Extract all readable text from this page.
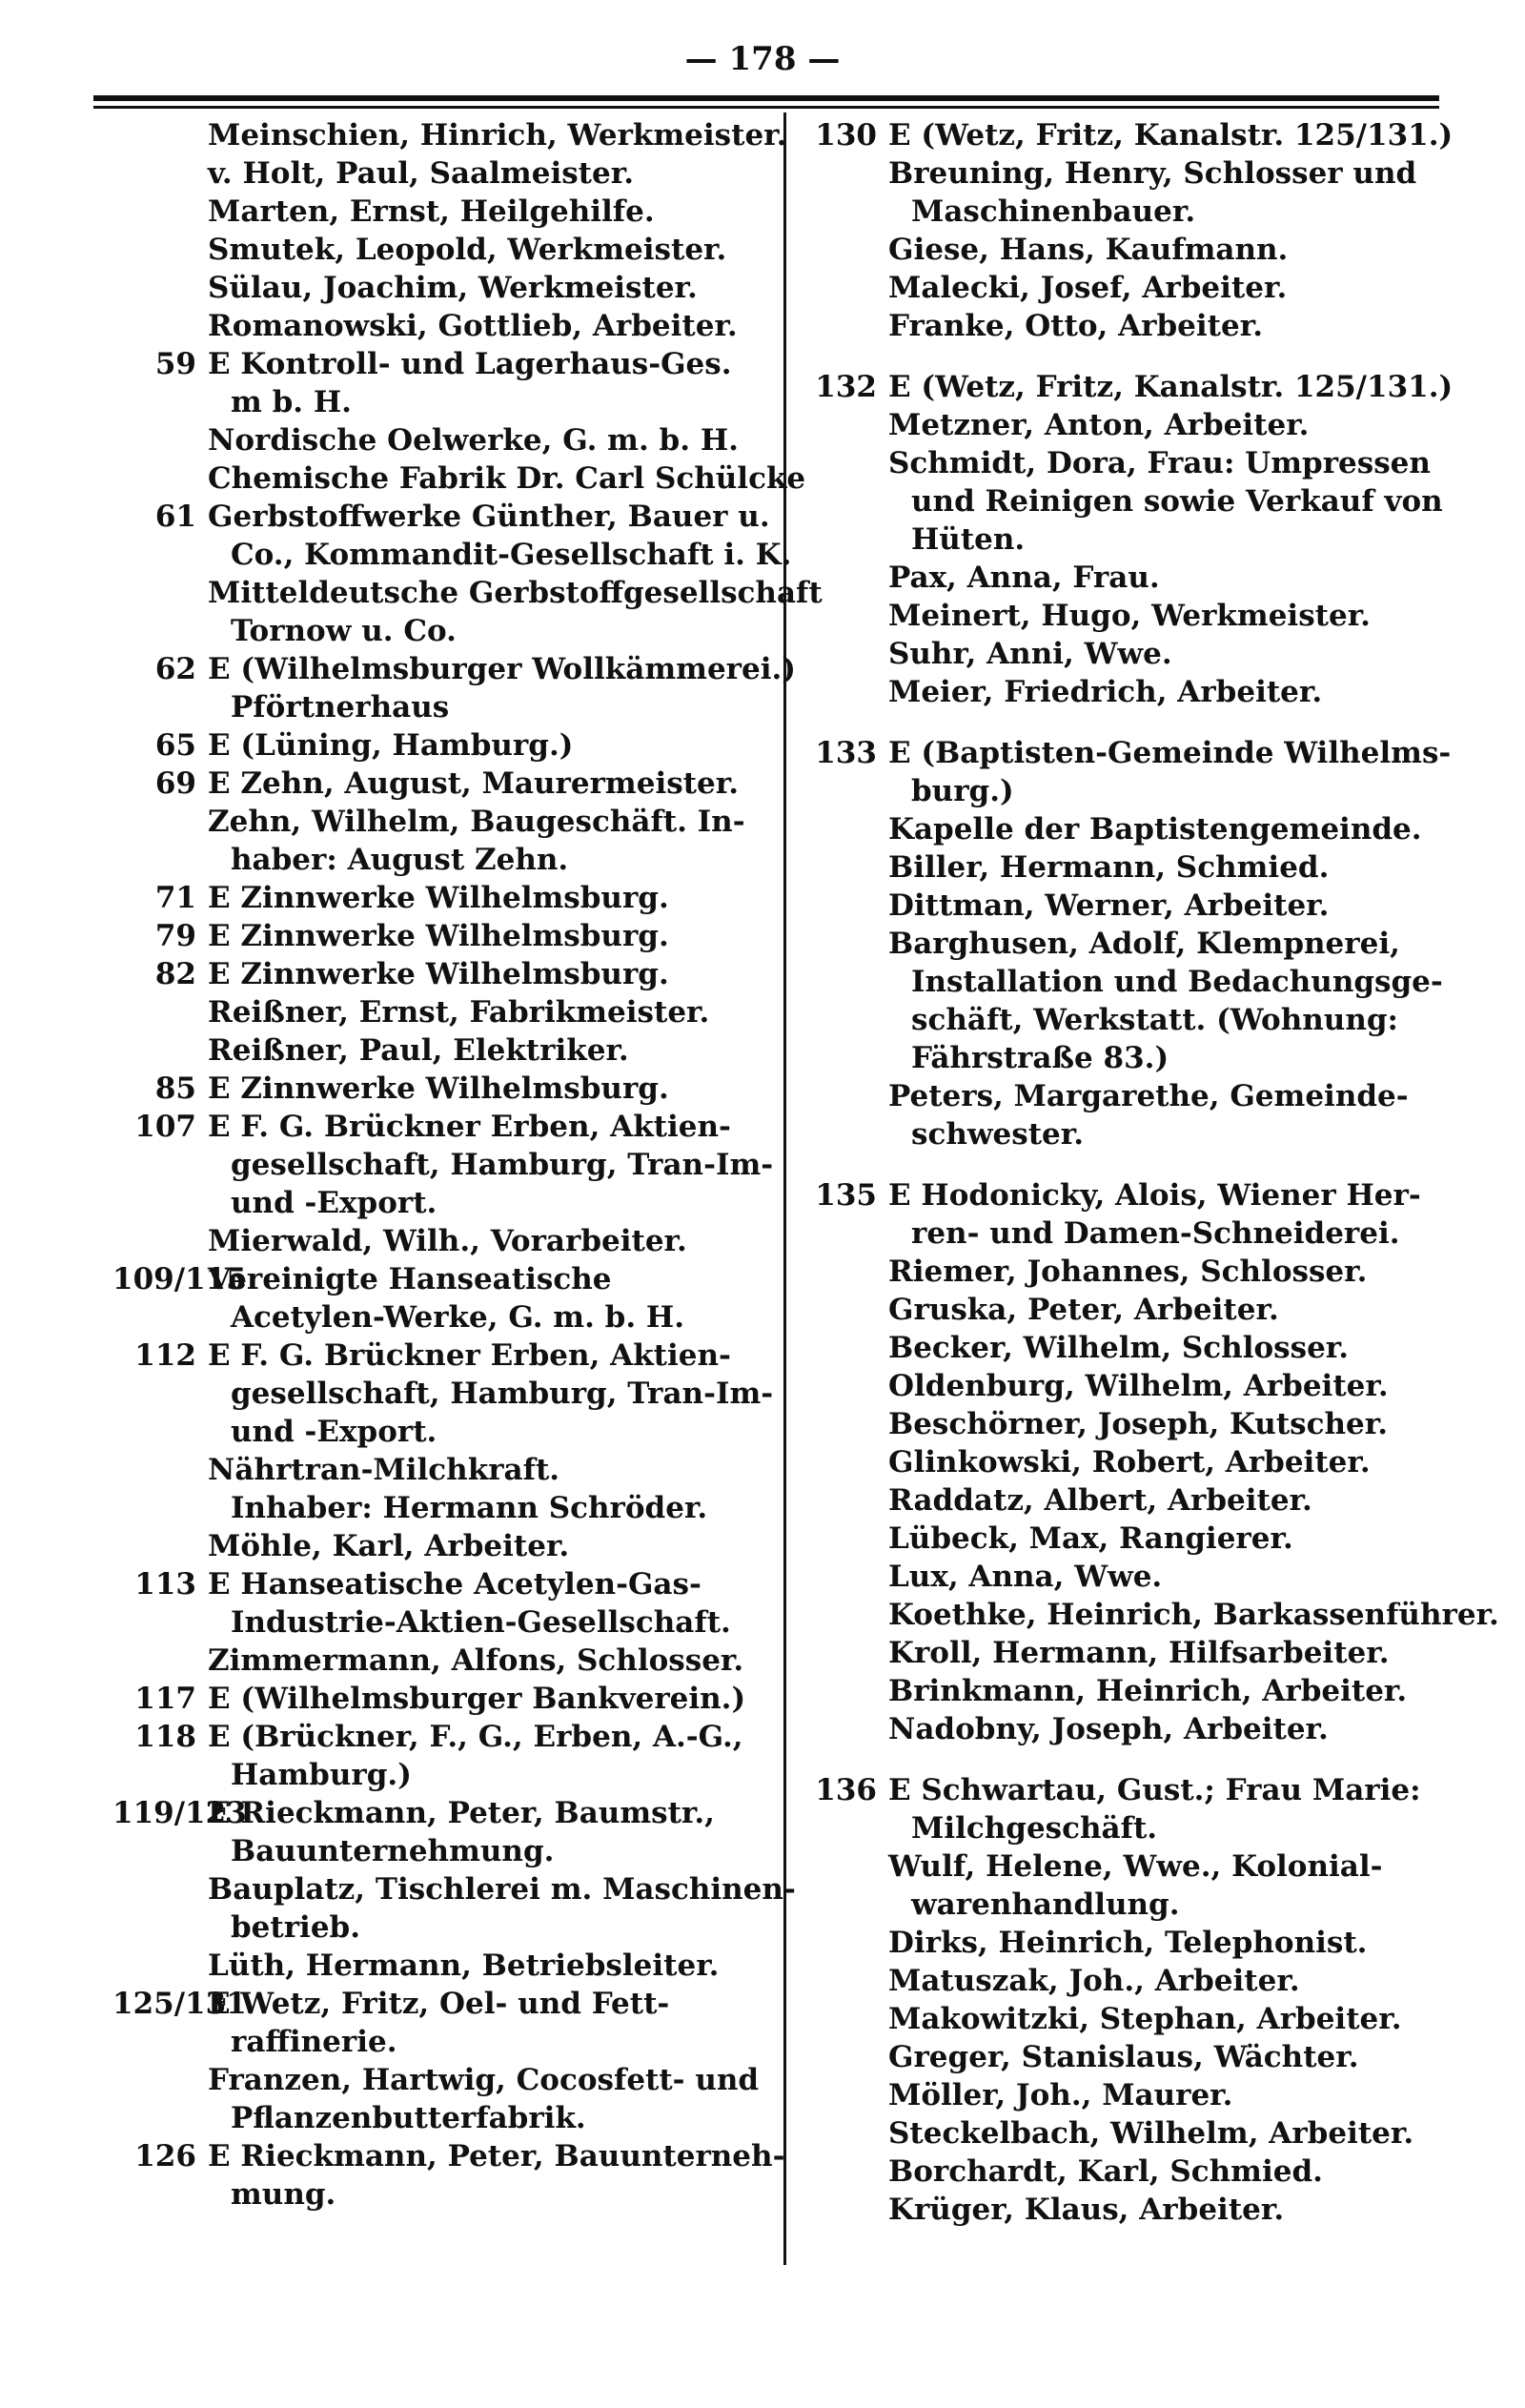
— 178 —
Meinschien, Hinrich, Werkmeister.
v. Holt, Paul, Saalmeister.
Marten, Ernst, Heilgehilfe.
Smutek, Leopold, Werkmeister.
Sülau, Joachim, Werkmeister.
Romanowski, Gottlieb, Arbeiter.
59 E Kontroll- und Lagerhaus-Ges.
m b. H.
Nordische Oelwerke, G. m. b. H.
Chemische Fabrik Dr. Carl Schülcke
61 Gerbstoffwerke Günther, Bauer u.
Co., Kommandit-Gesellschaft i. K.
Mitteldeutsche Gerbstoffgesellschaft
Tornow u. Co.
62 E (Wilhelmsburger Wollkämmerei.)
Pförtnerhaus
65 E (Lüning, Hamburg.)
69 E Zehn, August, Maurermeister.
Zehn, Wilhelm, Baugeschäft. In-
haber: August Zehn.
71 E Zinnwerke Wilhelmsburg.
79 E Zinnwerke Wilhelmsburg.
82 E Zinnwerke Wilhelmsburg.
Reißner, Ernst, Fabrikmeister.
Reißner, Paul, Elektriker.
85 E Zinnwerke Wilhelmsburg.
107 E F. G. Brückner Erben, Aktien-
gesellschaft, Hamburg, Tran-Im-
und -Export.
Mierwald, Wilh., Vorarbeiter.
109/115
Vereinigte Hanseatische
Acetylen-Werke, G. m. b. H.
112 E F. G. Brückner Erben, Aktien-
gesellschaft, Hamburg, Tran-Im-
und -Export.
Nährtran-Milchkraft.
Inhaber: Hermann Schröder.
Möhle, Karl, Arbeiter.
113 E Hanseatische Acetylen-Gas-
Industrie-Aktien-Gesellschaft.
Zimmermann, Alfons, Schlosser.
117 E (Wilhelmsburger Bankverein.)
118 E (Brückner, F., G., Erben, A.-G.,
Hamburg.)
119/123
E Rieckmann, Peter, Baumstr.,
Bauunternehmung.
Bauplatz, Tischlerei m. Maschinen-
betrieb.
Lüth, Hermann, Betriebsleiter.
125/131
E Wetz, Fritz, Oel- und Fett-
raffinerie.
Franzen, Hartwig, Cocosfett- und
Pflanzenbutterfabrik.
126 E Rieckmann, Peter, Bauunterneh-
mung.
130 E (Wetz, Fritz, Kanalstr. 125/131.)
Breuning, Henry, Schlosser und
Maschinenbauer.
Giese, Hans, Kaufmann.
Malecki, Josef, Arbeiter.
Franke, Otto, Arbeiter.
132 E (Wetz, Fritz, Kanalstr. 125/131.)
Metzner, Anton, Arbeiter.
Schmidt, Dora, Frau: Umpressen
und Reinigen sowie Verkauf von
Hüten.
Pax, Anna, Frau.
Meinert, Hugo, Werkmeister.
Suhr, Anni, Wwe.
Meier, Friedrich, Arbeiter.
133 E (Baptisten-Gemeinde Wilhelms-
burg.)
Kapelle der Baptistengemeinde.
Biller, Hermann, Schmied.
Dittman, Werner, Arbeiter.
Barghusen, Adolf, Klempnerei,
Installation und Bedachungsge-
schäft, Werkstatt. (Wohnung:
Fährstraße 83.)
Peters, Margarethe, Gemeinde-
schwester.
135 E Hodonicky, Alois, Wiener Her-
ren- und Damen-Schneiderei.
Riemer, Johannes, Schlosser.
Gruska, Peter, Arbeiter.
Becker, Wilhelm, Schlosser.
Oldenburg, Wilhelm, Arbeiter.
Beschörner, Joseph, Kutscher.
Glinkowski, Robert, Arbeiter.
Raddatz, Albert, Arbeiter.
Lübeck, Max, Rangierer.
Lux, Anna, Wwe.
Koethke, Heinrich, Barkassenführer.
Kroll, Hermann, Hilfsarbeiter.
Brinkmann, Heinrich, Arbeiter.
Nadobny, Joseph, Arbeiter.
136 E Schwartau, Gust.; Frau Marie:
Milchgeschäft.
Wulf, Helene, Wwe., Kolonial-
warenhandlung.
Dirks, Heinrich, Telephonist.
Matuszak, Joh., Arbeiter.
Makowitzki, Stephan, Arbeiter.
Greger, Stanislaus, Wächter.
Möller, Joh., Maurer.
Steckelbach, Wilhelm, Arbeiter.
Borchardt, Karl, Schmied.
Krüger, Klaus, Arbeiter.
